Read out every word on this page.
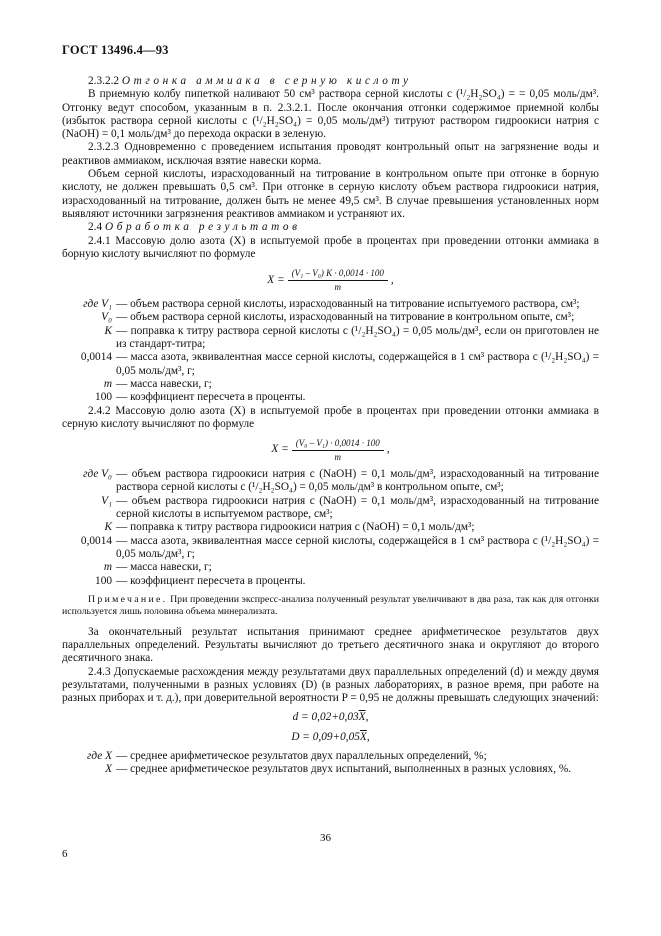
ГОСТ 13496.4—93

2.3.2.2 Отгонка аммиака в серную кислоту

В приемную колбу пипеткой наливают 50 см³ раствора серной кислоты c (¹/₂H₂SO₄) = = 0,05 моль/дм³. Отгонку ведут способом, указанным в п. 2.3.2.1. После окончания отгонки содержимое приемной колбы (избыток раствора серной кислоты c (¹/₂H₂SO₄) = 0,05 моль/дм³) титруют раствором гидроокиси натрия c (NaOH) = 0,1 моль/дм³ до перехода окраски в зеленую.

2.3.2.3 Одновременно с проведением испытания проводят контрольный опыт на загрязнение воды и реактивов аммиаком, исключая взятие навески корма.

Объем серной кислоты, израсходованный на титрование в контрольном опыте при отгонке в борную кислоту, не должен превышать 0,5 см³. При отгонке в серную кислоту объем раствора гидроокиси натрия, израсходованный на титрование, должен быть не менее 49,5 см³. В случае превышения установленных норм выявляют источники загрязнения реактивов аммиаком и устраняют их.

2.4 Обработка результатов

2.4.1 Массовую долю азота (X) в испытуемой пробе в процентах при проведении отгонки аммиака в борную кислоту вычисляют по формуле

$X = \frac{\text{(V₁ – V₀) K · 0,0014 · 100}}{m}$ ,
где V₁ — объем раствора серной кислоты, израсходованный на титрование испытуемого раствора, см³;
V₀ — объем раствора серной кислоты, израсходованный на титрование в контрольном опыте, см³;
K — поправка к титру раствора серной кислоты c (¹/₂H₂SO₄) = 0,05 моль/дм³, если он приготовлен не из стандарт-титра;
0,0014 — масса азота, эквивалентная массе серной кислоты, содержащейся в 1 см³ раствора c (¹/₂H₂SO₄) = 0,05 моль/дм³, г;
m — масса навески, г;
100 — коэффициент пересчета в проценты.

2.4.2 Массовую долю азота (X) в испытуемой пробе в процентах при проведении отгонки аммиака в серную кислоту вычисляют по формуле

$X = \frac{\text{(V₀ – V₁) · 0,0014 · 100}}{m}$ ,
где V₀ — объем раствора гидроокиси натрия c (NaOH) = 0,1 моль/дм³, израсходованный на титрование раствора серной кислоты c (¹/₂H₂SO₄) = 0,05 моль/дм³ в контрольном опыте, см³;
V₁ — объем раствора гидроокиси натрия c (NaOH) = 0,1 моль/дм³, израсходованный на титрование серной кислоты в испытуемом растворе, см³;
K — поправка к титру раствора гидроокиси натрия c (NaOH) = 0,1 моль/дм³;
0,0014 — масса азота, эквивалентная массе серной кислоты, содержащейся в 1 см³ раствора c (¹/₂H₂SO₄) = 0,05 моль/дм³, г;
m — масса навески, г;
100 — коэффициент пересчета в проценты.

Примечание. При проведении экспресс-анализа полученный результат увеличивают в два раза, так как для отгонки используется лишь половина объема минерализата.

За окончательный результат испытания принимают среднее арифметическое результатов двух параллельных определений. Результаты вычисляют до третьего десятичного знака и округляют до второго десятичного знака.

2.4.3 Допускаемые расхождения между результатами двух параллельных определений (d) и между двумя результатами, полученными в разных условиях (D) (в разных лабораториях, в разное время, при работе на разных приборах и т. д.), при доверительной вероятности P = 0,95 не должны превышать следующих значений:

$d = 0,02+0,03\overline{X}$,
$D = 0,09+0,05\overline{X}$,
где X — среднее арифметическое результатов двух параллельных определений, %;
X — среднее арифметическое результатов двух испытаний, выполненных в разных условиях, %.
36
6
